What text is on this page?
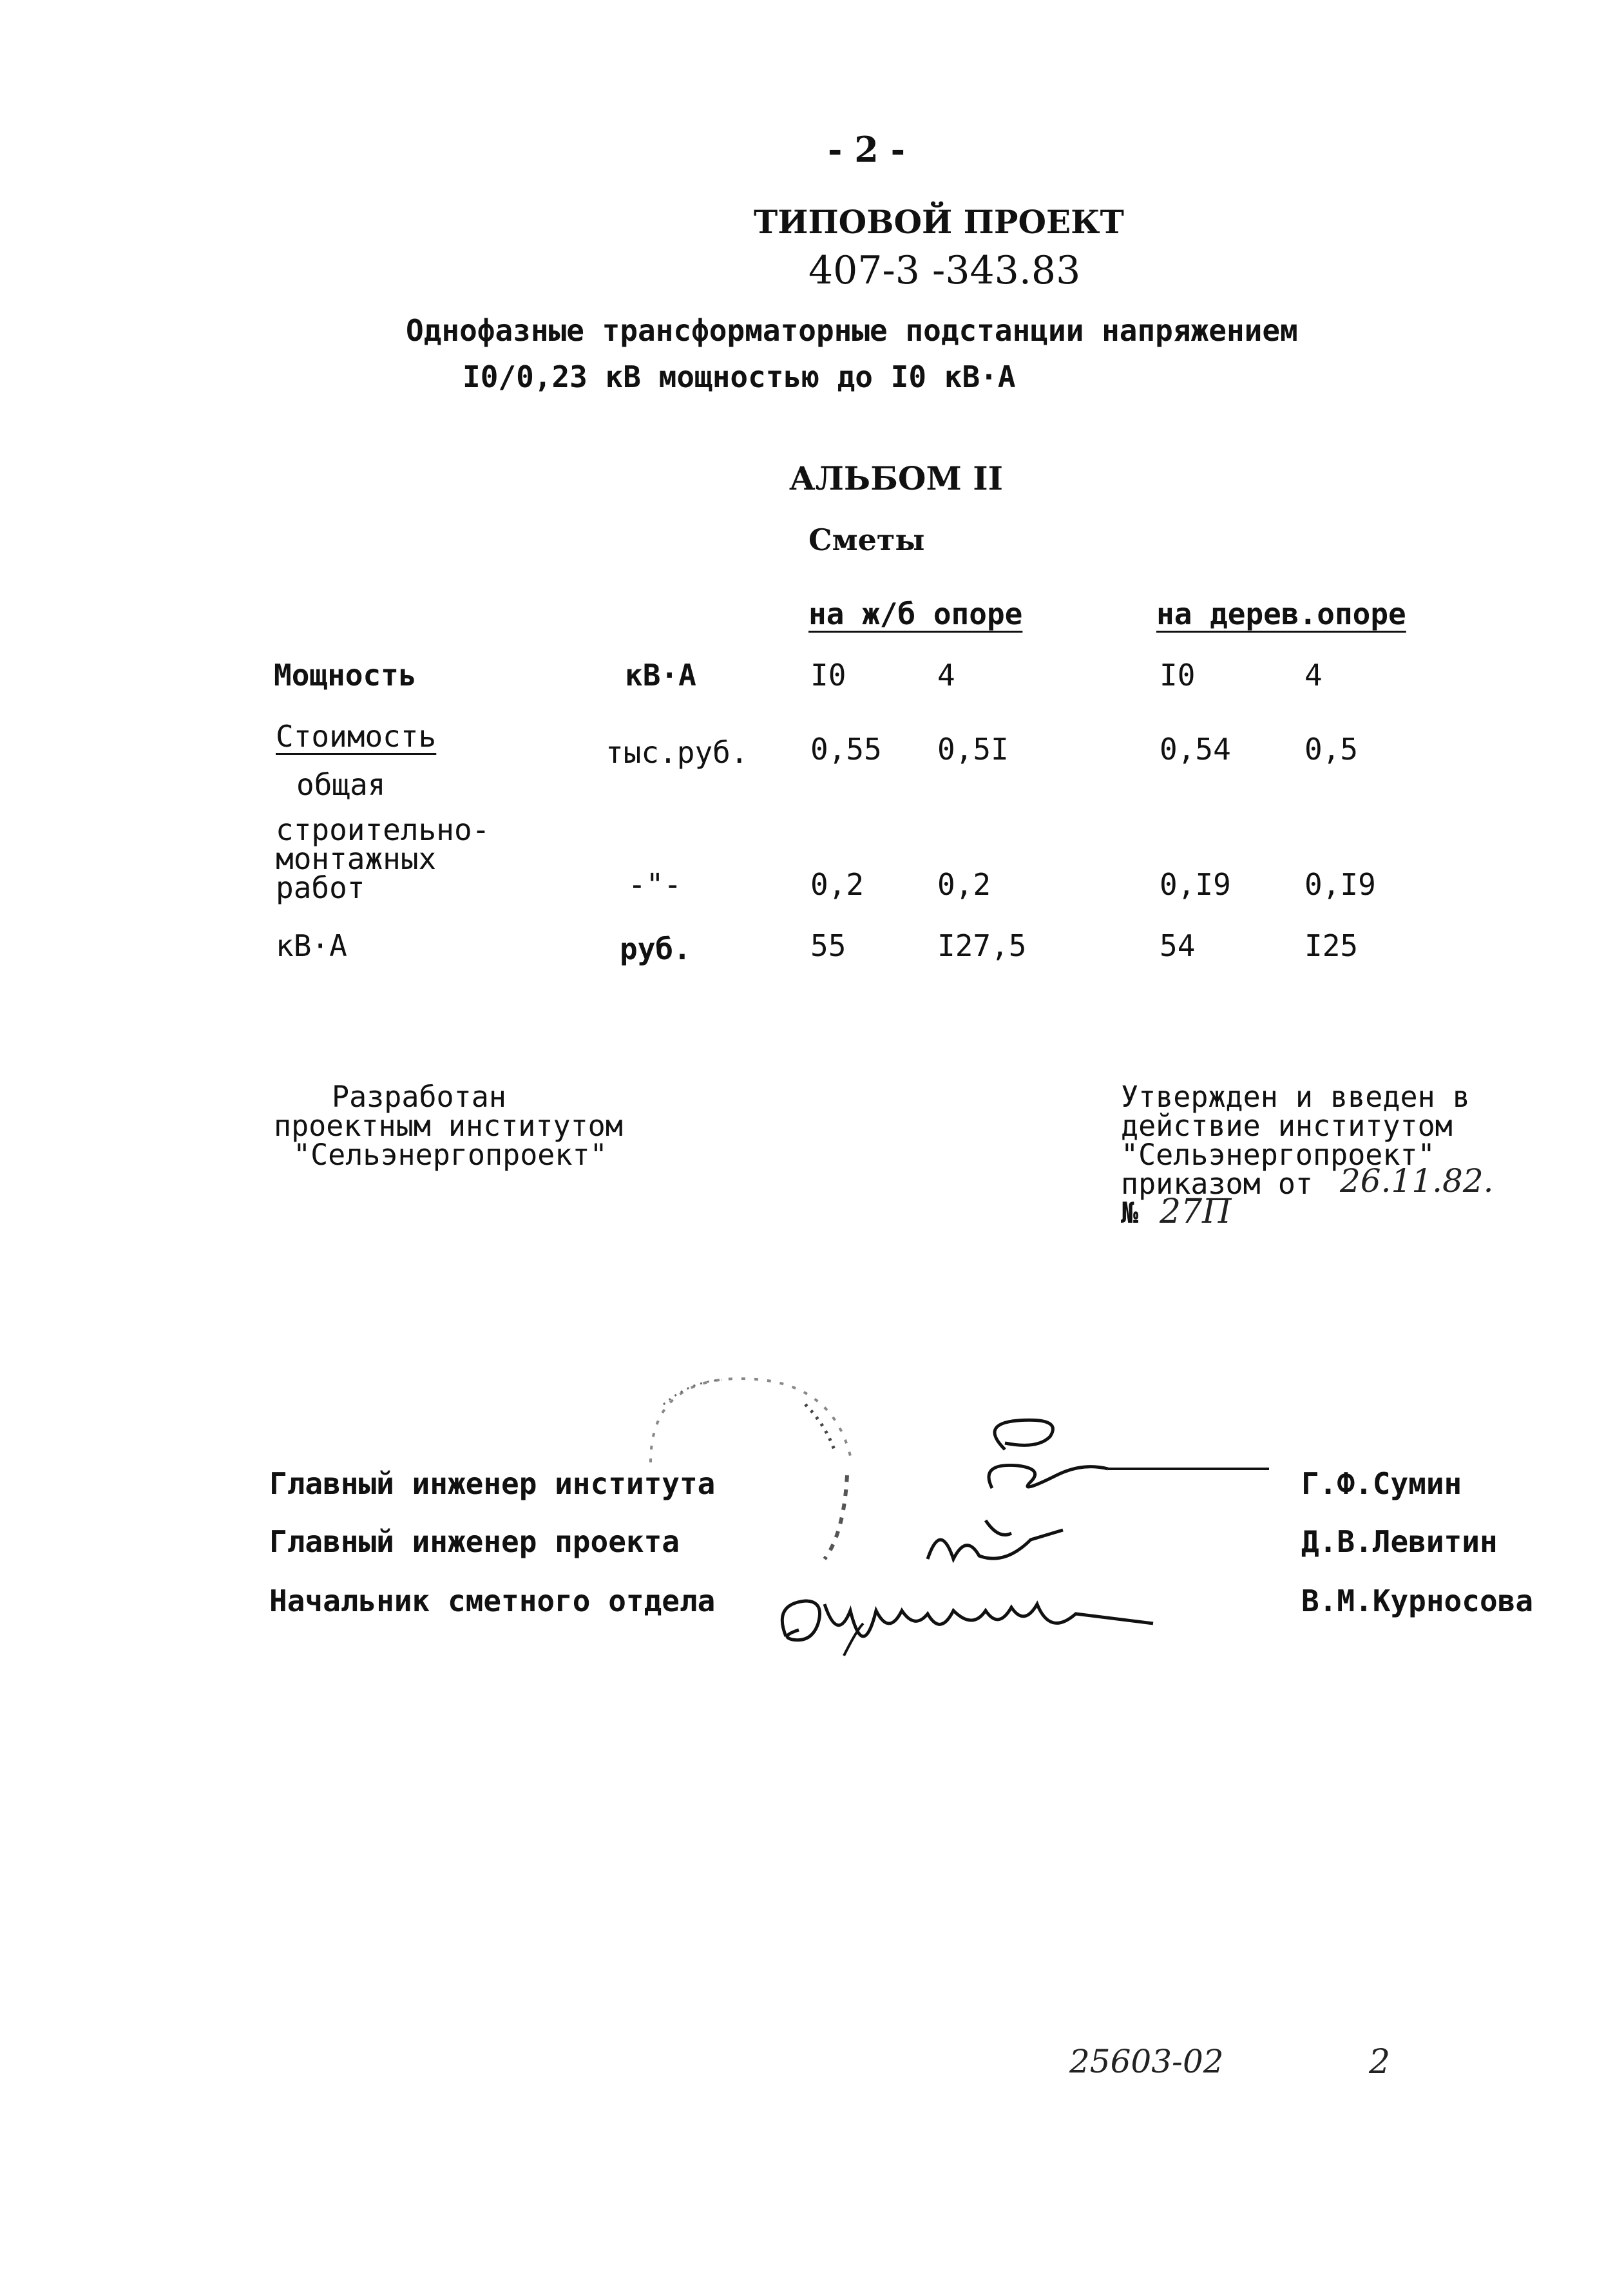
- 2 -
ТИПОВОЙ ПРОЕКТ
407-3 -343.83
Однофазные трансформаторные подстанции напряжением
I0/0,23 кВ мощностью до I0 кВ·А
АЛЬБОМ II
Сметы
на ж/б опоре	на дерев.опоре
Мощность	кВ·А	I0	4	I0	4
Стоимость
общая
тыс.руб. 0,55 0,5I	0,54 0,5
строительно-
монтажных
работ	-"-	0,2 0,2	0,I9 0,I9
кВ·А	руб.	55	I27,5	54	I25
Разработан
проектным институтом
"Сельэнергопроект"
Утвержден и введен в
действие институтом
"Сельэнергопроект"
приказом от 26.11.82.
№ 27П
Главный инженер института	Г.Ф.Сумин
Главный инженер проекта	Д.В.Левитин
Начальник сметного отдела	В.М.Курносова
25603-02	2
